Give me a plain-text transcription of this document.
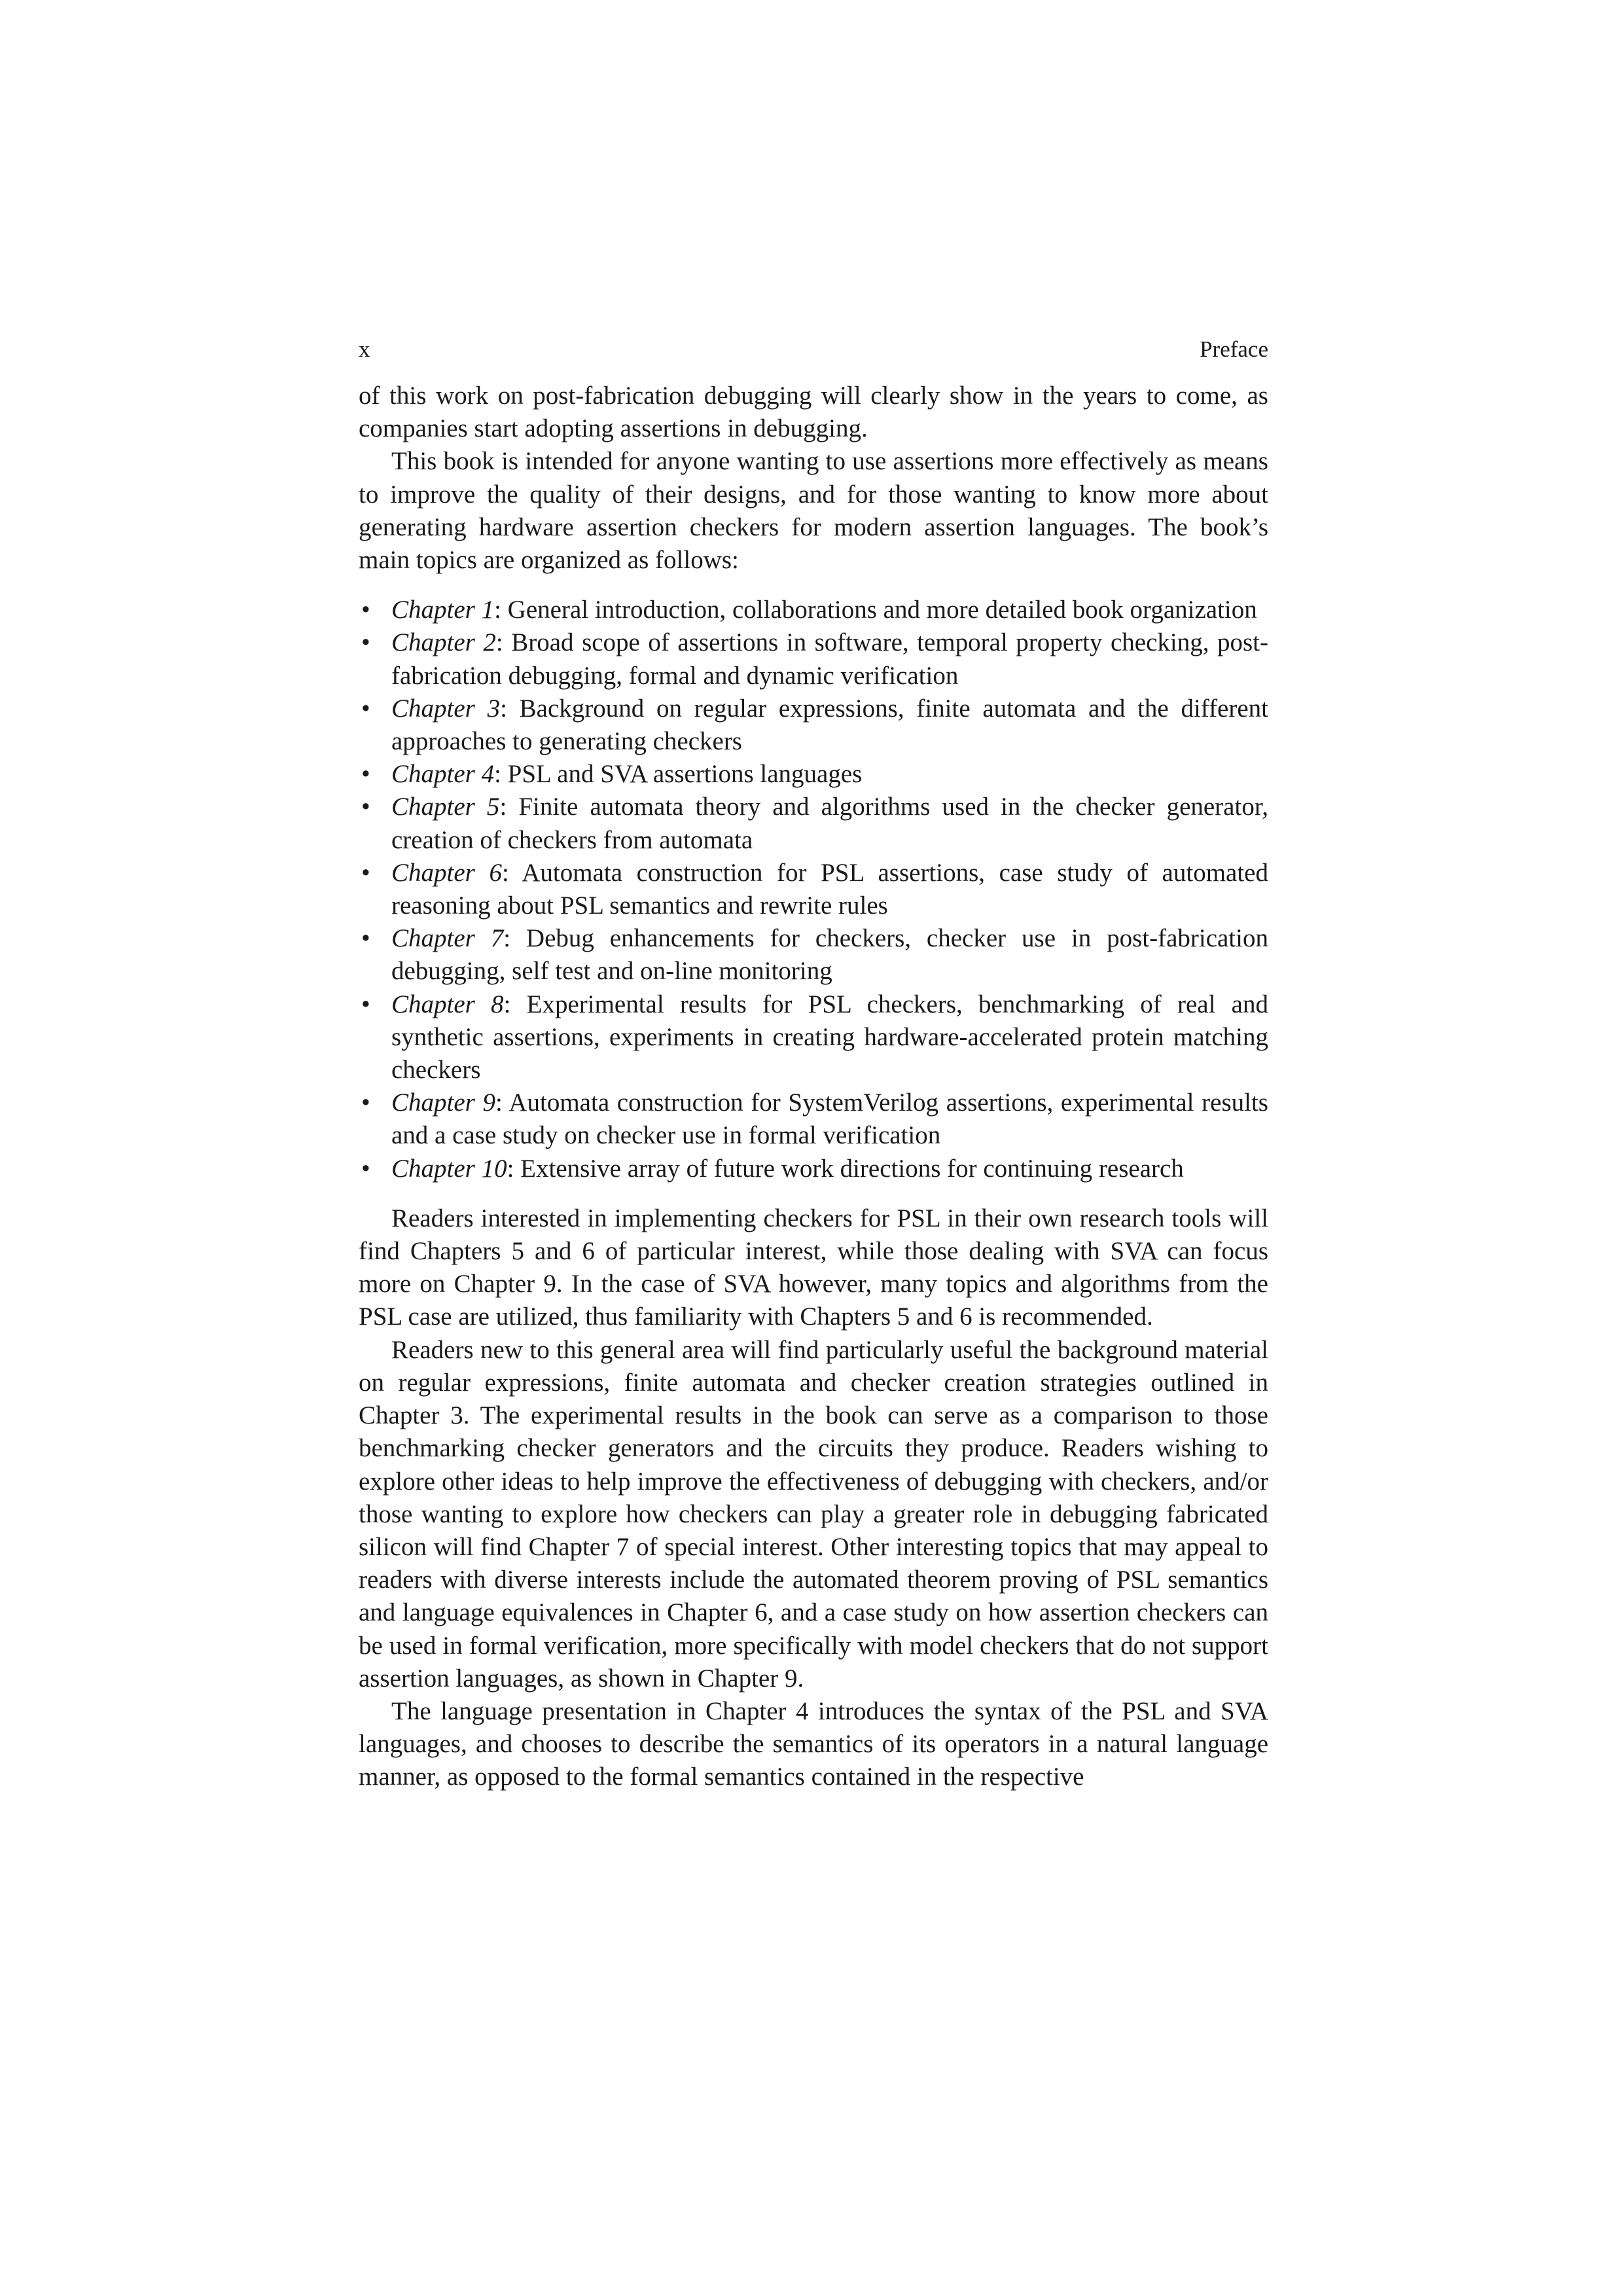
x	Preface

of this work on post-fabrication debugging will clearly show in the years to come, as companies start adopting assertions in debugging.

This book is intended for anyone wanting to use assertions more effectively as means to improve the quality of their designs, and for those wanting to know more about generating hardware assertion checkers for modern assertion languages. The book’s main topics are organized as follows:

• Chapter 1: General introduction, collaborations and more detailed book organization
• Chapter 2: Broad scope of assertions in software, temporal property checking, post-fabrication debugging, formal and dynamic verification
• Chapter 3: Background on regular expressions, finite automata and the different approaches to generating checkers
• Chapter 4: PSL and SVA assertions languages
• Chapter 5: Finite automata theory and algorithms used in the checker generator, creation of checkers from automata
• Chapter 6: Automata construction for PSL assertions, case study of automated reasoning about PSL semantics and rewrite rules
• Chapter 7: Debug enhancements for checkers, checker use in post-fabrication debugging, self test and on-line monitoring
• Chapter 8: Experimental results for PSL checkers, benchmarking of real and synthetic assertions, experiments in creating hardware-accelerated protein matching checkers
• Chapter 9: Automata construction for SystemVerilog assertions, experimental results and a case study on checker use in formal verification
• Chapter 10: Extensive array of future work directions for continuing research

Readers interested in implementing checkers for PSL in their own research tools will find Chapters 5 and 6 of particular interest, while those dealing with SVA can focus more on Chapter 9. In the case of SVA however, many topics and algorithms from the PSL case are utilized, thus familiarity with Chapters 5 and 6 is recommended.

Readers new to this general area will find particularly useful the background material on regular expressions, finite automata and checker creation strategies outlined in Chapter 3. The experimental results in the book can serve as a comparison to those benchmarking checker generators and the circuits they produce. Readers wishing to explore other ideas to help improve the effectiveness of debugging with checkers, and/or those wanting to explore how checkers can play a greater role in debugging fabricated silicon will find Chapter 7 of special interest. Other interesting topics that may appeal to readers with diverse interests include the automated theorem proving of PSL semantics and language equivalences in Chapter 6, and a case study on how assertion checkers can be used in formal verification, more specifically with model checkers that do not support assertion languages, as shown in Chapter 9.

The language presentation in Chapter 4 introduces the syntax of the PSL and SVA languages, and chooses to describe the semantics of its operators in a natural language manner, as opposed to the formal semantics contained in the respective
